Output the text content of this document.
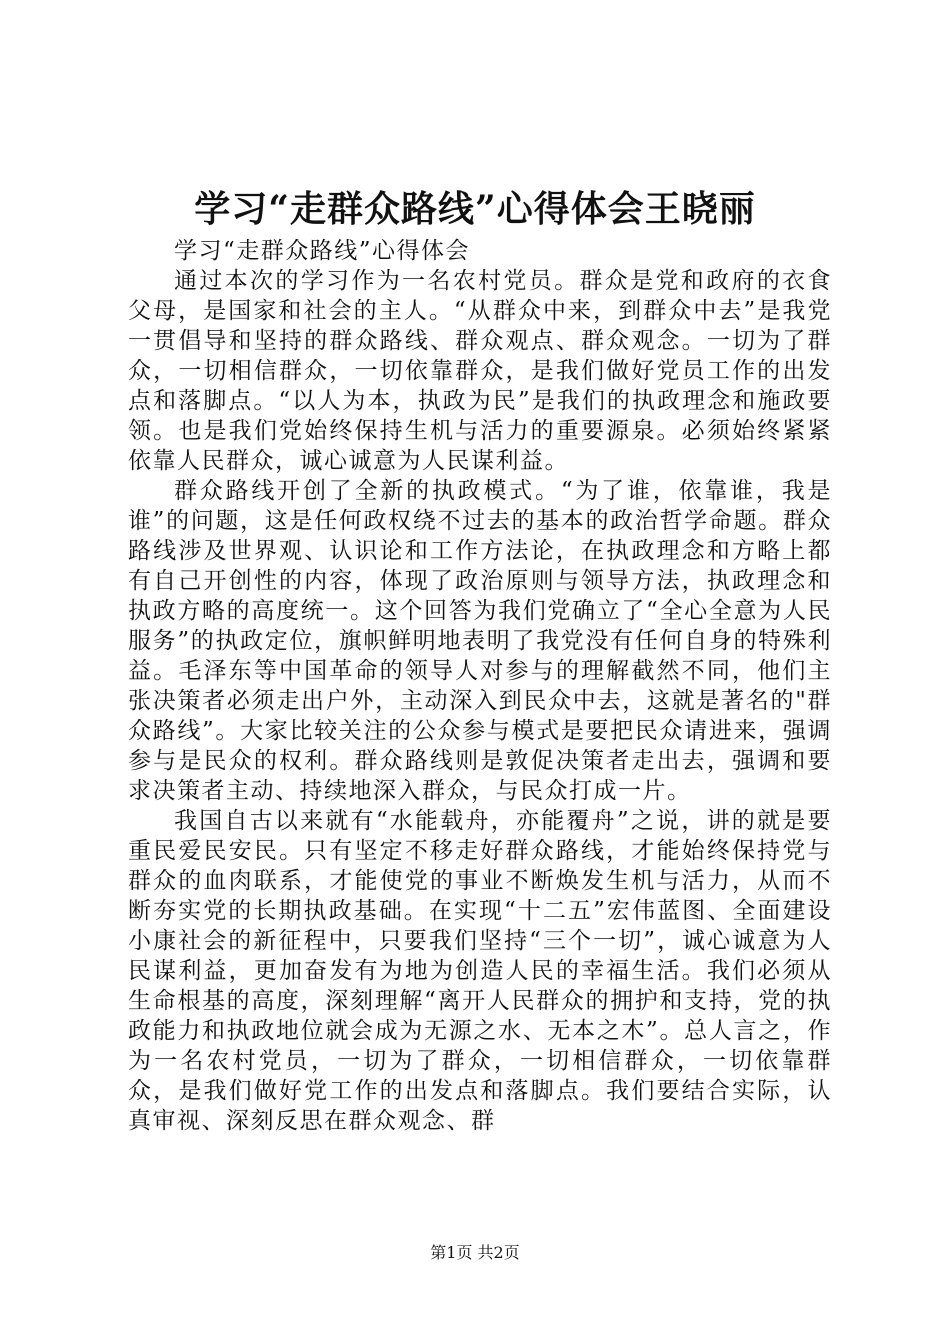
学习“走群众路线”心得体会王晓丽

学习“走群众路线”心得体会

通过本次的学习作为一名农村党员。群众是党和政府的衣食父母，是国家和社会的主人。“从群众中来，到群众中去”是我党一贯倡导和坚持的群众路线、群众观点、群众观念。一切为了群众，一切相信群众，一切依靠群众，是我们做好党员工作的出发点和落脚点。“以人为本，执政为民”是我们的执政理念和施政要领。也是我们党始终保持生机与活力的重要源泉。必须始终紧紧依靠人民群众，诚心诚意为人民谋利益。

群众路线开创了全新的执政模式。“为了谁，依靠谁，我是谁”的问题，这是任何政权绕不过去的基本的政治哲学命题。群众路线涉及世界观、认识论和工作方法论，在执政理念和方略上都有自己开创性的内容，体现了政治原则与领导方法，执政理念和执政方略的高度统一。这个回答为我们党确立了“全心全意为人民服务”的执政定位，旗帜鲜明地表明了我党没有任何自身的特殊利益。毛泽东等中国革命的领导人对参与的理解截然不同，他们主张决策者必须走出户外，主动深入到民众中去，这就是著名的"群众路线”。大家比较关注的公众参与模式是要把民众请进来，强调参与是民众的权利。群众路线则是敦促决策者走出去，强调和要求决策者主动、持续地深入群众，与民众打成一片。

我国自古以来就有“水能载舟，亦能覆舟”之说，讲的就是要重民爱民安民。只有坚定不移走好群众路线，才能始终保持党与群众的血肉联系，才能使党的事业不断焕发生机与活力，从而不断夯实党的长期执政基础。在实现“十二五”宏伟蓝图、全面建设小康社会的新征程中，只要我们坚持“三个一切”，诚心诚意为人民谋利益，更加奋发有为地为创造人民的幸福生活。我们必须从生命根基的高度，深刻理解“离开人民群众的拥护和支持，党的执政能力和执政地位就会成为无源之水、无本之木”。总人言之，作为一名农村党员，一切为了群众，一切相信群众，一切依靠群众，是我们做好党工作的出发点和落脚点。我们要结合实际，认真审视、深刻反思在群众观念、群

第1页 共2页
